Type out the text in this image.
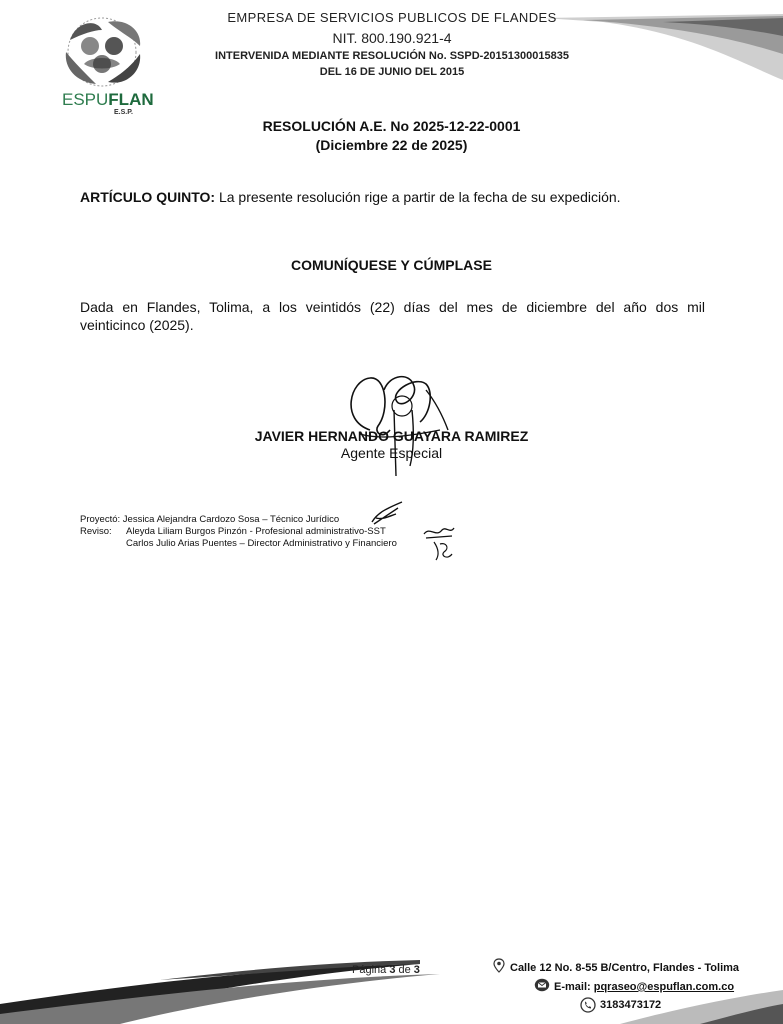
ESPUFLAN
E.S.P.
EMPRESA DE SERVICIOS PUBLICOS DE FLANDES
NIT. 800.190.921-4
INTERVENIDA MEDIANTE RESOLUCIÓN No. SSPD-20151300015835
DEL 16 DE JUNIO DEL 2015
RESOLUCIÓN A.E. No 2025-12-22-0001
(Diciembre 22 de 2025)
ARTÍCULO QUINTO: La presente resolución rige a partir de la fecha de su expedición.
COMUNÍQUESE Y CÚMPLASE
Dada en Flandes, Tolima, a los veintidós (22) días del mes de diciembre del año dos mil
veinticinco (2025).
JAVIER HERNANDO GUAYARA RAMIREZ
Agente Especial
Proyectó: Jessica Alejandra Cardozo Sosa – Técnico Jurídico
Reviso: Aleyda Liliam Burgos Pinzón - Profesional administrativo-SST
Carlos Julio Arias Puentes – Director Administrativo y Financiero
Página 3 de 3	Calle 12 No. 8-55 B/Centro, Flandes - Tolima
E-mail: pqraseo@espuflan.com.co
3183473172
